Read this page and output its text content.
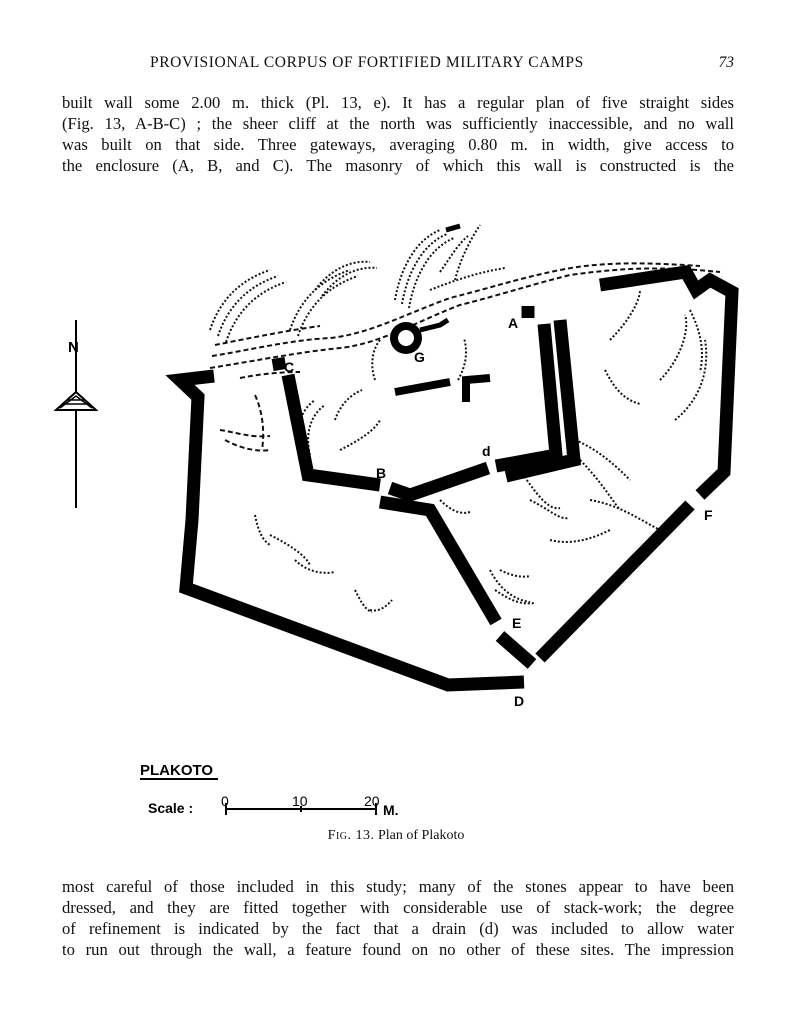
PROVISIONAL CORPUS OF FORTIFIED MILITARY CAMPS	73
built wall some 2.00 m. thick (Pl. 13, e). It has a regular plan of five straight sides
(Fig. 13, A-B-C) ; the sheer cliff at the north was sufficiently inaccessible, and no wall
was built on that side. Three gateways, averaging 0.80 m. in width, give access to
the enclosure (A, B, and C). The masonry of which this wall is constructed is the
N
A
B
C
d
D
E
F
G
PLAKOTO
Scale : 0	10	20
M.
Fig. 13. Plan of Plakoto
most careful of those included in this study; many of the stones appear to have been
dressed, and they are fitted together with considerable use of stack-work; the degree
of refinement is indicated by the fact that a drain (d) was included to allow water
to run out through the wall, a feature found on no other of these sites. The impression
